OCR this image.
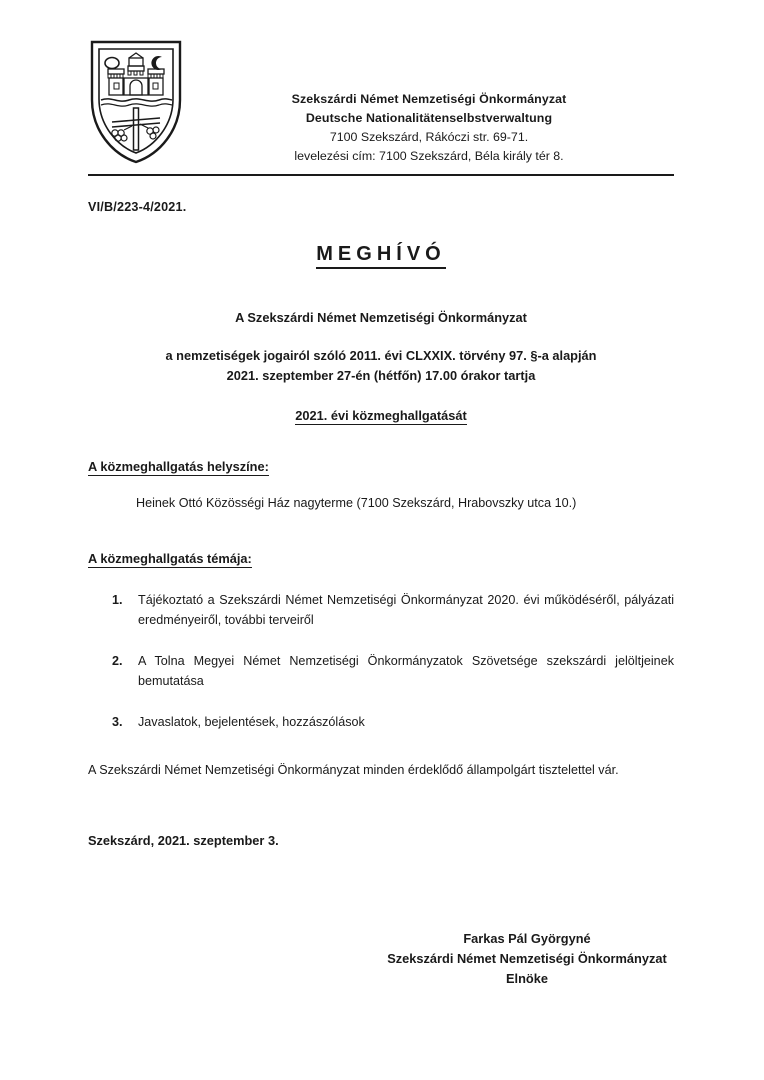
Szekszárdi Német Nemzetiségi Önkormányzat
Deutsche Nationalitätenselbstverwaltung
7100 Szekszárd, Rákóczi str. 69-71.
levelezési cím: 7100 Szekszárd, Béla király tér 8.
VI/B/223-4/2021.
MEGHÍVÓ
A Szekszárdi Német Nemzetiségi Önkormányzat
a nemzetiségek jogairól szóló 2011. évi CLXXIX. törvény 97. §-a alapján
2021. szeptember 27-én (hétfőn) 17.00 órakor tartja
2021. évi közmeghallgatását
A közmeghallgatás helyszíne:
Heinek Ottó Közösségi Ház nagyterme (7100 Szekszárd, Hrabovszky utca 10.)
A közmeghallgatás témája:
1. Tájékoztató a Szekszárdi Német Nemzetiségi Önkormányzat 2020. évi működéséről, pályázati eredményeiről, további terveiről
2. A Tolna Megyei Német Nemzetiségi Önkormányzatok Szövetsége szekszárdi jelöltjeinek bemutatása
3. Javaslatok, bejelentések, hozzászólások
A Szekszárdi Német Nemzetiségi Önkormányzat minden érdeklődő állampolgárt tisztelettel vár.
Szekszárd, 2021. szeptember 3.
Farkas Pál Györgyné
Szekszárdi Német Nemzetiségi Önkormányzat
Elnöke
